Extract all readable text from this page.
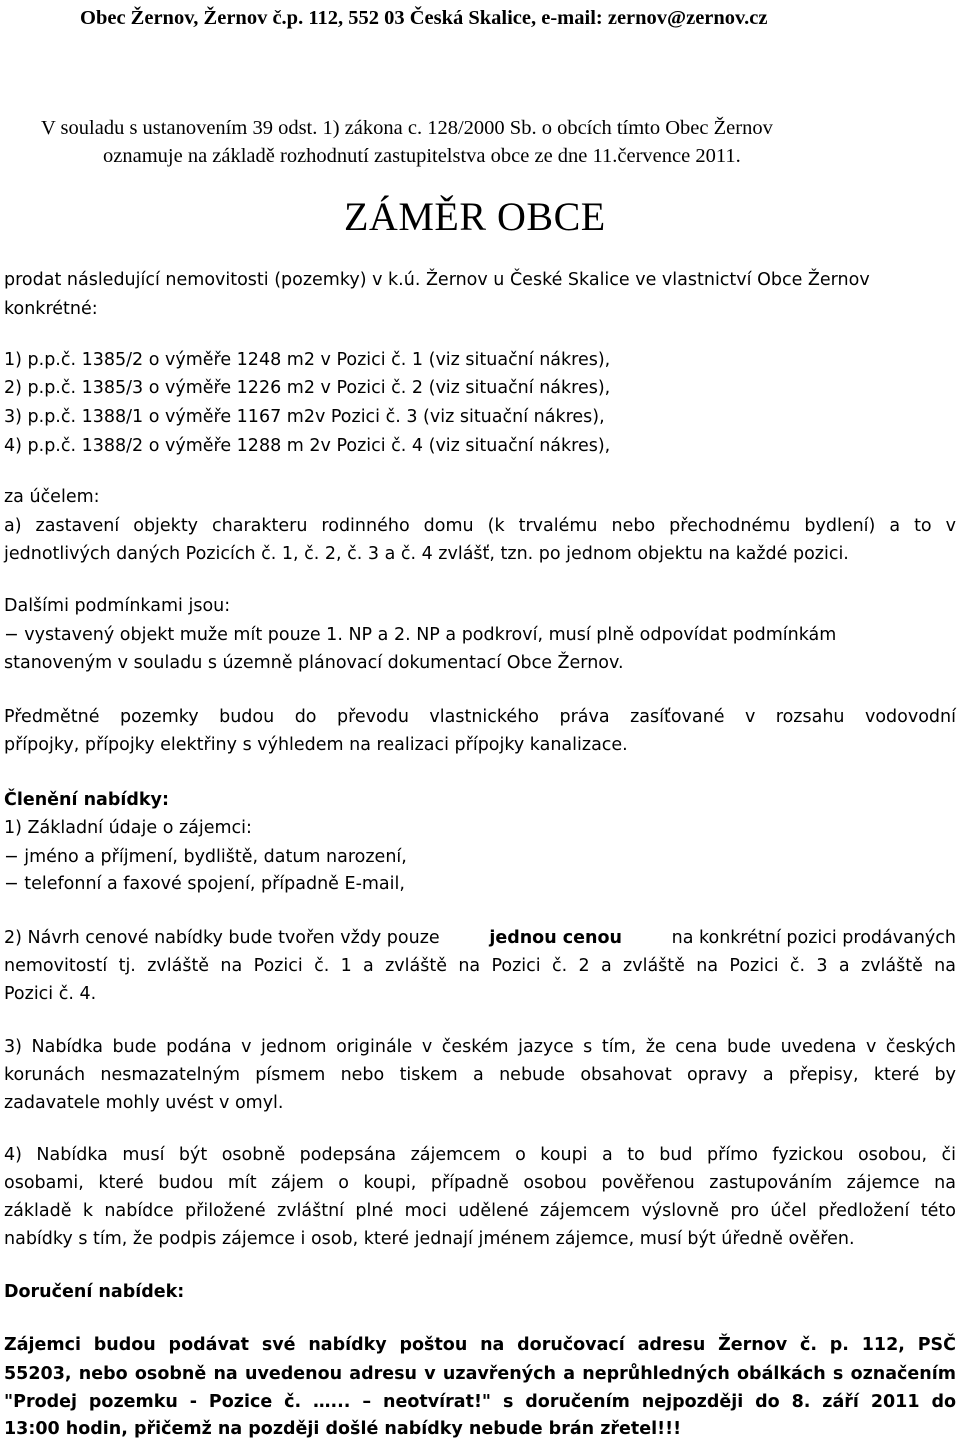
Obec Žernov, Žernov č.p. 112, 552 03 Česká Skalice, e-mail: zernov@zernov.cz
V souladu s ustanovením 39 odst. 1) zákona c. 128/2000 Sb. o obcích tímto Obec Žernov
oznamuje na základě rozhodnutí zastupitelstva obce ze dne 11.července 2011.
ZÁMĚR OBCE
prodat následující nemovitosti (pozemky) v k.ú. Žernov u České Skalice ve vlastnictví Obce Žernov
konkrétné:
1) p.p.č. 1385/2 o výměře 1248 m2 v Pozici č. 1 (viz situační nákres),
2) p.p.č. 1385/3 o výměře 1226 m2 v Pozici č. 2 (viz situační nákres),
3) p.p.č. 1388/1 o výměře 1167 m2v Pozici č. 3 (viz situační nákres),
4) p.p.č. 1388/2 o výměře 1288 m 2v Pozici č. 4 (viz situační nákres),
za účelem:
a) zastavení objekty charakteru rodinného domu (k trvalému nebo přechodnému bydlení) a to v
jednotlivých daných Pozicích č. 1, č. 2, č. 3 a č. 4 zvlášť, tzn. po jednom objektu na každé pozici.
Dalšími podmínkami jsou:
− vystavený objekt muže mít pouze 1. NP a 2. NP a podkroví, musí plně odpovídat podmínkám
stanoveným v souladu s územně plánovací dokumentací Obce Žernov.
Předmětné pozemky budou do převodu vlastnického práva zasíťované v rozsahu vodovodní
přípojky, přípojky elektřiny s výhledem na realizaci přípojky kanalizace.
Členění nabídky:
1) Základní údaje o zájemci:
− jméno a příjmení, bydliště, datum narození,
− telefonní a faxové spojení, případně E-mail,
2) Návrh cenové nabídky bude tvořen vždy pouze	jednou cenou	na konkrétní pozici prodávaných
nemovitostí tj. zvláště na Pozici č. 1 a zvláště na Pozici č. 2 a zvláště na Pozici č. 3 a zvláště na
Pozici č. 4.
3) Nabídka bude podána v jednom originále v českém jazyce s tím, že cena bude uvedena v českých
korunách nesmazatelným písmem nebo tiskem a nebude obsahovat opravy a přepisy, které by
zadavatele mohly uvést v omyl.
4) Nabídka musí být osobně podepsána zájemcem o koupi a to bud přímo fyzickou osobou, či
osobami, které budou mít zájem o koupi, případně osobou pověřenou zastupováním zájemce na
základě k nabídce přiložené zvláštní plné moci udělené zájemcem výslovně pro účel předložení této
nabídky s tím, že podpis zájemce i osob, které jednají jménem zájemce, musí být úředně ověřen.
Doručení nabídek:
Zájemci budou podávat své nabídky poštou na doručovací adresu Žernov č. p. 112, PSČ
55203, nebo osobně na uvedenou adresu v uzavřených a neprůhledných obálkách s označením
"Prodej pozemku - Pozice č. …... – neotvírat!" s doručením nejpozději do 8. září 2011 do
13:00 hodin, přičemž na později došlé nabídky nebude brán zřetel!!!
